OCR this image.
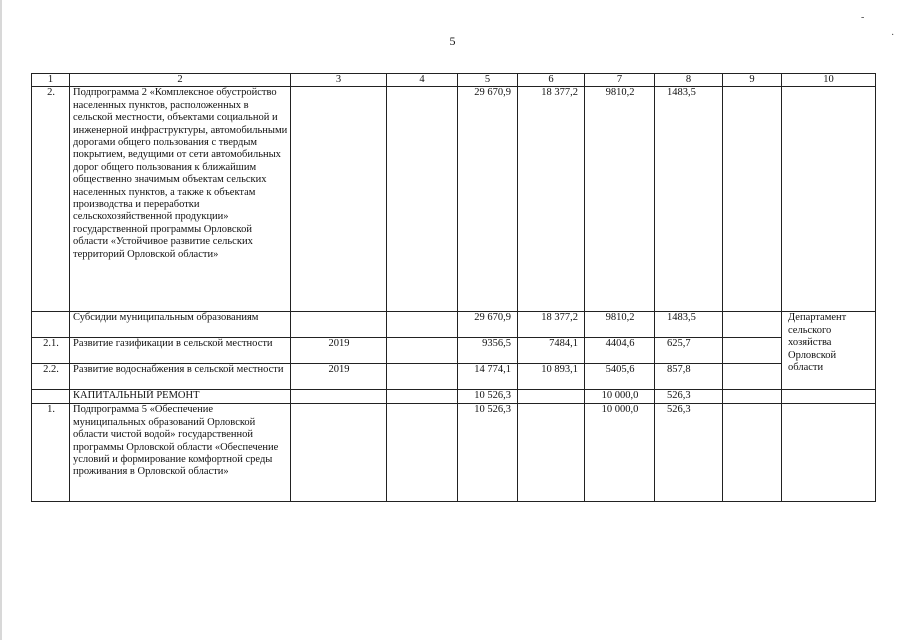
-
·
5
1	2	3	4	5	6	7	8	9	10
2.	Подпрограмма 2 «Комплексное обустройство населенных пунктов, расположенных в сельской местности, объектами социальной и инженерной инфраструктуры, автомобильными дорогами общего пользования с твердым покрытием, ведущими от сети автомобильных дорог общего пользования к ближайшим общественно значимым объектам сельских населенных пунктов, а также к объектам производства и переработки сельскохозяйственной продукции» государственной программы Орловской области «Устойчивое развитие сельских территорий Орловской области»			29 670,9	18 377,2	9810,2	1483,5		
	Субсидии муниципальным образованиям			29 670,9	18 377,2	9810,2	1483,5		Департамент сельского хозяйства Орловской области
2.1.	Развитие газификации в сельской местности	2019		9356,5	7484,1	4404,6	625,7		
2.2.	Развитие водоснабжения в сельской местности	2019		14 774,1	10 893,1	5405,6	857,8		
	КАПИТАЛЬНЫЙ РЕМОНТ			10 526,3		10 000,0	526,3		
1.	Подпрограмма 5 «Обеспечение муниципальных образований Орловской области чистой водой» государственной программы Орловской области «Обеспечение условий и формирование комфортной среды проживания в Орловской области»			10 526,3		10 000,0	526,3		
